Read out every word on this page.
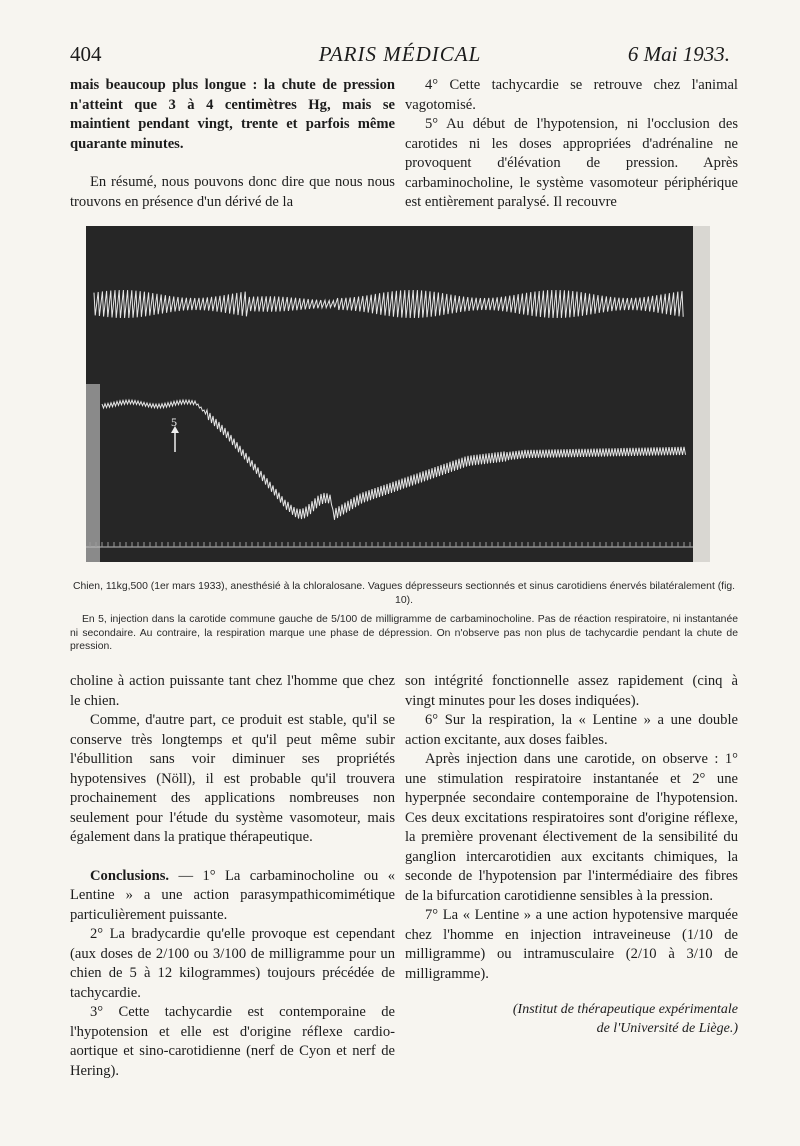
404	PARIS MÉDICAL	6 Mai 1933.

mais beaucoup plus longue : la chute de pression n'atteint que 3 à 4 centimètres Hg, mais se maintient pendant vingt, trente et parfois même quarante minutes.

En résumé, nous pouvons donc dire que nous nous trouvons en présence d'un dérivé de la

4° Cette tachycardie se retrouve chez l'animal vagotomisé.

5° Au début de l'hypotension, ni l'occlusion des carotides ni les doses appropriées d'adrénaline ne provoquent d'élévation de pression. Après carbaminocholine, le système vasomoteur périphérique est entièrement paralysé. Il recouvre

5
Chien, 11kg,500 (1er mars 1933), anesthésié à la chloralosane. Vagues dépresseurs sectionnés et sinus carotidiens énervés bilatéralement (fig. 10).
En 5, injection dans la carotide commune gauche de 5/100 de milligramme de carbaminocholine. Pas de réaction respiratoire, ni instantanée ni secondaire. Au contraire, la respiration marque une phase de dépression. On n'observe pas non plus de tachycardie pendant la chute de pression.

choline à action puissante tant chez l'homme que chez le chien.

Comme, d'autre part, ce produit est stable, qu'il se conserve très longtemps et qu'il peut même subir l'ébullition sans voir diminuer ses propriétés hypotensives (Nöll), il est probable qu'il trouvera prochainement des applications nombreuses non seulement pour l'étude du système vasomoteur, mais également dans la pratique thérapeutique.

Conclusions. — 1° La carbaminocholine ou « Lentine » a une action parasympathicomimétique particulièrement puissante.

2° La bradycardie qu'elle provoque est cependant (aux doses de 2/100 ou 3/100 de milligramme pour un chien de 5 à 12 kilogrammes) toujours précédée de tachycardie.

3° Cette tachycardie est contemporaine de l'hypotension et elle est d'origine réflexe cardio-aortique et sino-carotidienne (nerf de Cyon et nerf de Hering).

son intégrité fonctionnelle assez rapidement (cinq à vingt minutes pour les doses indiquées).

6° Sur la respiration, la « Lentine » a une double action excitante, aux doses faibles.

Après injection dans une carotide, on observe : 1° une stimulation respiratoire instantanée et 2° une hyperpnée secondaire contemporaine de l'hypotension. Ces deux excitations respiratoires sont d'origine réflexe, la première provenant électivement de la sensibilité du ganglion intercarotidien aux excitants chimiques, la seconde de l'hypotension par l'intermédiaire des fibres de la bifurcation carotidienne sensibles à la pression.

7° La « Lentine » a une action hypotensive marquée chez l'homme en injection intraveineuse (1/10 de milligramme) ou intramusculaire (2/10 à 3/10 de milligramme).

(Institut de thérapeutique expérimentale
de l'Université de Liège.)
